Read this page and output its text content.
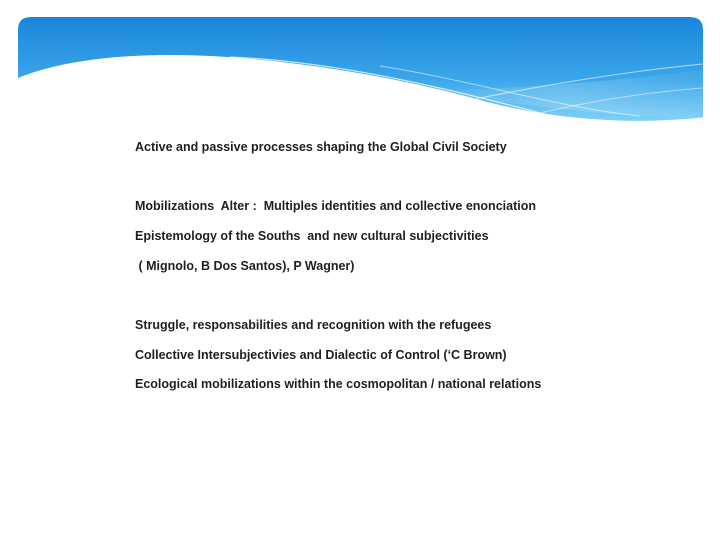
Active and passive processes shaping the Global Civil Society

Mobilizations  Alter :  Multiples identities and collective enonciation

Epistemology of the Souths  and new cultural subjectivities

( Mignolo, B Dos Santos), P Wagner)

Struggle, responsabilities and recognition with the refugees

Collective Intersubjectivies and Dialectic of Control (‘C Brown)

Ecological mobilizations within the cosmopolitan / national relations
